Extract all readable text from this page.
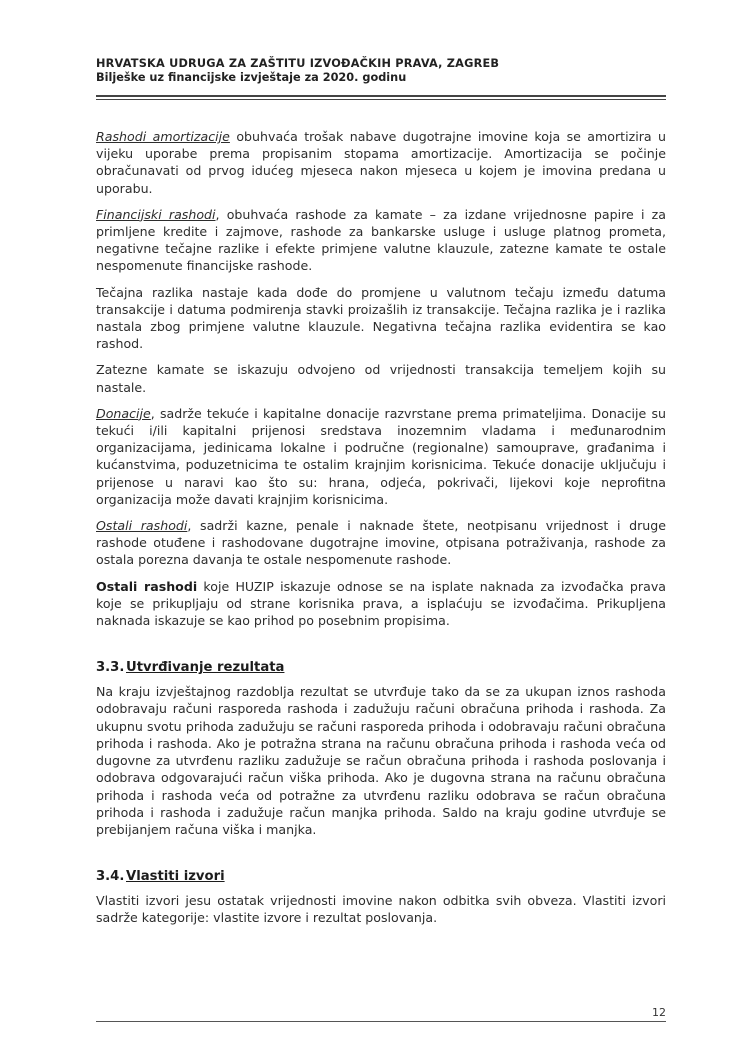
HRVATSKA UDRUGA ZA ZAŠTITU IZVOĐAČKIH PRAVA, ZAGREB
Bilješke uz financijske izvještaje za 2020. godinu

Rashodi amortizacije obuhvaća trošak nabave dugotrajne imovine koja se amortizira u vijeku uporabe prema propisanim stopama amortizacije. Amortizacija se počinje obračunavati od prvog idućeg mjeseca nakon mjeseca u kojem je imovina predana u uporabu.

Financijski rashodi, obuhvaća rashode za kamate – za izdane vrijednosne papire i za primljene kredite i zajmove, rashode za bankarske usluge i usluge platnog prometa, negativne tečajne razlike i efekte primjene valutne klauzule, zatezne kamate te ostale nespomenute financijske rashode.

Tečajna razlika nastaje kada dođe do promjene u valutnom tečaju između datuma transakcije i datuma podmirenja stavki proizašlih iz transakcije. Tečajna razlika je i razlika nastala zbog primjene valutne klauzule. Negativna tečajna razlika evidentira se kao rashod.

Zatezne kamate se iskazuju odvojeno od vrijednosti transakcija temeljem kojih su nastale.

Donacije, sadrže tekuće i kapitalne donacije razvrstane prema primateljima. Donacije su tekući i/ili kapitalni prijenosi sredstava inozemnim vladama i međunarodnim organizacijama, jedinicama lokalne i područne (regionalne) samouprave, građanima i kućanstvima, poduzetnicima te ostalim krajnjim korisnicima. Tekuće donacije uključuju i prijenose u naravi kao što su: hrana, odjeća, pokrivači, lijekovi koje neprofitna organizacija može davati krajnjim korisnicima.

Ostali rashodi, sadrži kazne, penale i naknade štete, neotpisanu vrijednost i druge rashode otuđene i rashodovane dugotrajne imovine, otpisana potraživanja, rashode za ostala porezna davanja te ostale nespomenute rashode.

Ostali rashodi koje HUZIP iskazuje odnose se na isplate naknada za izvođačka prava koje se prikupljaju od strane korisnika prava, a isplaćuju se izvođačima. Prikupljena naknada iskazuje se kao prihod po posebnim propisima.

3.3. Utvrđivanje rezultata

Na kraju izvještajnog razdoblja rezultat se utvrđuje tako da se za ukupan iznos rashoda odobravaju računi rasporeda rashoda i zadužuju računi obračuna prihoda i rashoda. Za ukupnu svotu prihoda zadužuju se računi rasporeda prihoda i odobravaju računi obračuna prihoda i rashoda. Ako je potražna strana na računu obračuna prihoda i rashoda veća od dugovne za utvrđenu razliku zadužuje se račun obračuna prihoda i rashoda poslovanja i odobrava odgovarajući račun viška prihoda. Ako je dugovna strana na računu obračuna prihoda i rashoda veća od potražne za utvrđenu razliku odobrava se račun obračuna prihoda i rashoda i zadužuje račun manjka prihoda. Saldo na kraju godine utvrđuje se prebijanjem računa viška i manjka.

3.4. Vlastiti izvori

Vlastiti izvori jesu ostatak vrijednosti imovine nakon odbitka svih obveza. Vlastiti izvori sadrže kategorije: vlastite izvore i rezultat poslovanja.

12
